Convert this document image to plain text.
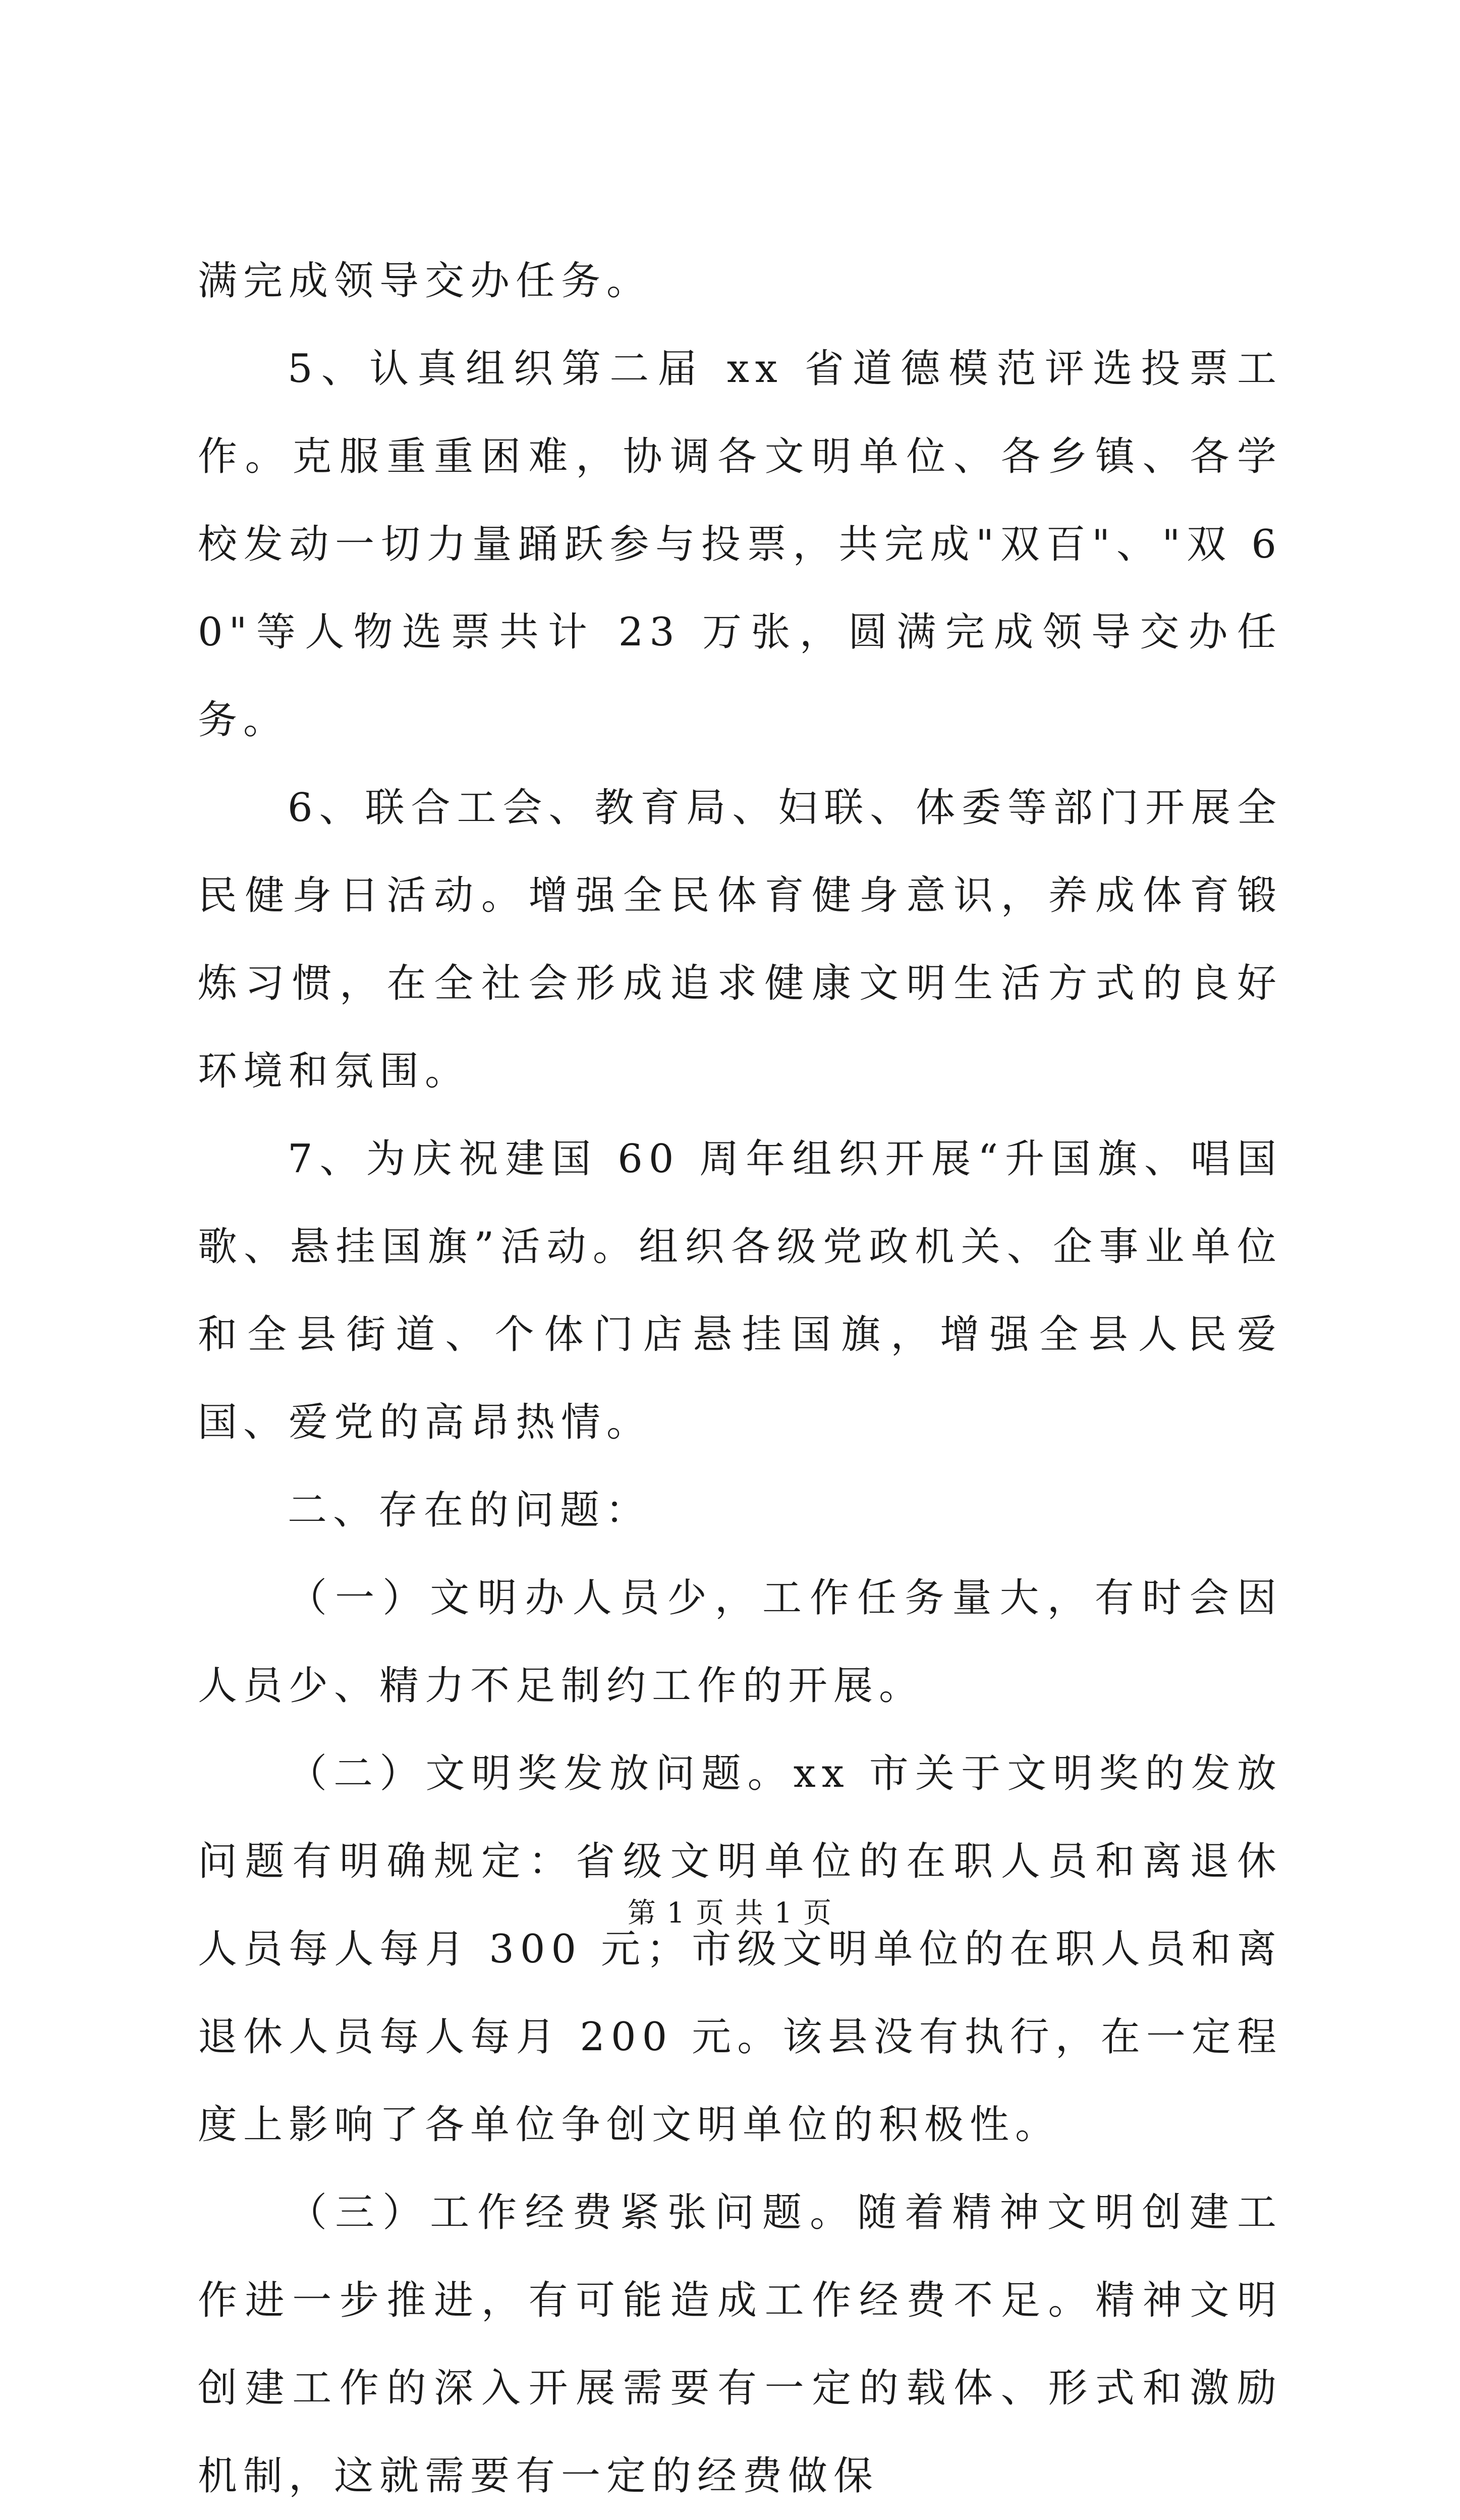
满完成领导交办任务。

5、认真组织第二届 xx 省道德模范评选投票工作。克服重重困难，协调各文明单位、各乡镇、各学校发动一切力量踊跃参与投票，共完成"双百"、"双 60"等人物选票共计 23 万张，圆满完成领导交办任务。

6、联合工会、教育局、妇联、体委等部门开展全民健身日活动。增强全民体育健身意识，养成体育锻炼习惯，在全社会形成追求健康文明生活方式的良好环境和氛围。

7、为庆祝建国 60 周年组织开展“升国旗、唱国歌、悬挂国旗”活动。组织各级党政机关、企事业单位和全县街道、个体门店悬挂国旗，增强全县人民爱国、爱党的高昂热情。

二、存在的问题：

（一）文明办人员少，工作任务量大，有时会因人员少、精力不足制约工作的开展。

（二）文明奖发放问题。xx 市关于文明奖的发放问题有明确规定：省级文明单位的在职人员和离退休人员每人每月 300 元；市级文明单位的在职人员和离退休人员每人每月 200 元。该县没有执行，在一定程度上影响了各单位争创文明单位的积极性。

（三）工作经费紧张问题。随着精神文明创建工作进一步推进，有可能造成工作经费不足。精神文明创建工作的深入开展需要有一定的载体、形式和激励机制，这就需要有一定的经费做保

第 1 页 共 1 页
